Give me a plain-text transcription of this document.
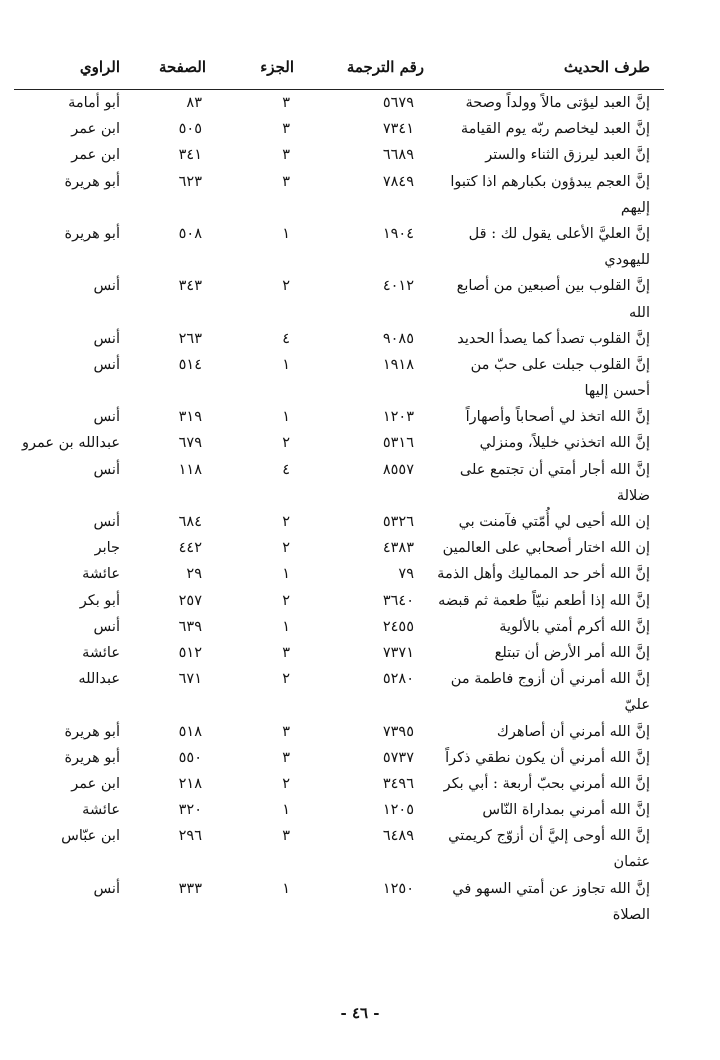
طرف الحديث
رقم الترجمة
الجزء
الصفحة
الراوي
إنَّ العبد ليؤتى مالاً وولداً وصحة
٥٦٧٩
٣
٨٣
أبو أمامة
إنَّ العبد ليخاصم ربّه يوم القيامة
٧٣٤١
٣
٥٠٥
ابن عمر
إنَّ العبد ليرزق الثناء والستر
٦٦٨٩
٣
٣٤١
ابن عمر
إنَّ العجم يبدؤون بكبارهم اذا كتبوا
٧٨٤٩
٣
٦٢٣
أبو هريرة
إليهم
إنَّ العليَّ الأعلى يقول لك : قل
١٩٠٤
١
٥٠٨
أبو هريرة
لليهودي
إنَّ القلوب بين أصبعين من أصابع
٤٠١٢
٢
٣٤٣
أنس
الله
إنَّ القلوب تصدأ كما يصدأ الحديد
٩٠٨٥
٤
٢٦٣
أنس
إنَّ القلوب جبلت على حبّ من
١٩١٨
١
٥١٤
أنس
أحسن إليها
إنَّ الله اتخذ لي أصحاباً وأصهاراً
١٢٠٣
١
٣١٩
أنس
إنَّ الله اتخذني خليلاً، ومنزلي
٥٣١٦
٢
٦٧٩
عبدالله بن عمرو
إنَّ الله أجار أمتي أن تجتمع على
٨٥٥٧
٤
١١٨
أنس
ضلالة
إن الله أحيى لي أُمّتي فآمنت بي
٥٣٢٦
٢
٦٨٤
أنس
إن الله اختار أصحابي على العالمين
٤٣٨٣
٢
٤٤٢
جابر
إنَّ الله أخر حد المماليك وأهل الذمة
٧٩
١
٢٩
عائشة
إنَّ الله إذا أطعم نبيّاً طعمة ثم قبضه
٣٦٤٠
٢
٢٥٧
أبو بكر
إنَّ الله أكرم أمتي بالألوية
٢٤٥٥
١
٦٣٩
أنس
إنَّ الله أمر الأرض أن تبتلع
٧٣٧١
٣
٥١٢
عائشة
إنَّ الله أمرني أن أزوج فاطمة من
٥٢٨٠
٢
٦٧١
عبدالله
عليّ
إنَّ الله أمرني أن أصاهرك
٧٣٩٥
٣
٥١٨
أبو هريرة
إنَّ الله أمرني أن يكون نطقي ذكراً
٥٧٣٧
٣
٥٥٠
أبو هريرة
إنَّ الله أمرني بحبّ أربعة : أبي بكر
٣٤٩٦
٢
٢١٨
ابن عمر
إنَّ الله أمرني بمداراة النّاس
١٢٠٥
١
٣٢٠
عائشة
إنَّ الله أوحى إليَّ أن أزوّج كريمتي
٦٤٨٩
٣
٢٩٦
ابن عبّاس
عثمان
إنَّ الله تجاوز عن أمتي السهو في
١٢٥٠
١
٣٣٣
أنس
الصلاة
- ٤٦ -
